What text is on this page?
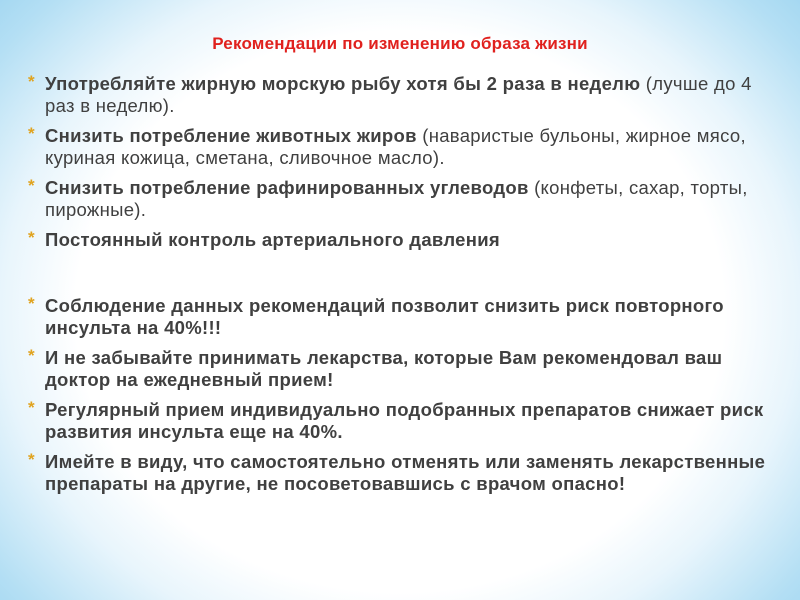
Рекомендации по изменению образа жизни
* Употребляйте жирную морскую рыбу хотя бы 2 раза в неделю (лучше до 4 раз в неделю).
* Снизить потребление животных жиров (наваристые бульоны, жирное мясо, куриная кожица, сметана, сливочное масло).
* Снизить потребление рафинированных углеводов (конфеты, сахар, торты, пирожные).
* Постоянный контроль артериального давления
* Соблюдение данных рекомендаций позволит снизить риск повторного инсульта на 40%!!!
* И не забывайте принимать лекарства, которые Вам рекомендовал ваш доктор на ежедневный прием!
* Регулярный прием индивидуально подобранных препаратов снижает риск развития инсульта еще на 40%.
* Имейте в виду, что самостоятельно отменять или заменять лекарственные препараты на другие, не посоветовавшись с врачом опасно!
